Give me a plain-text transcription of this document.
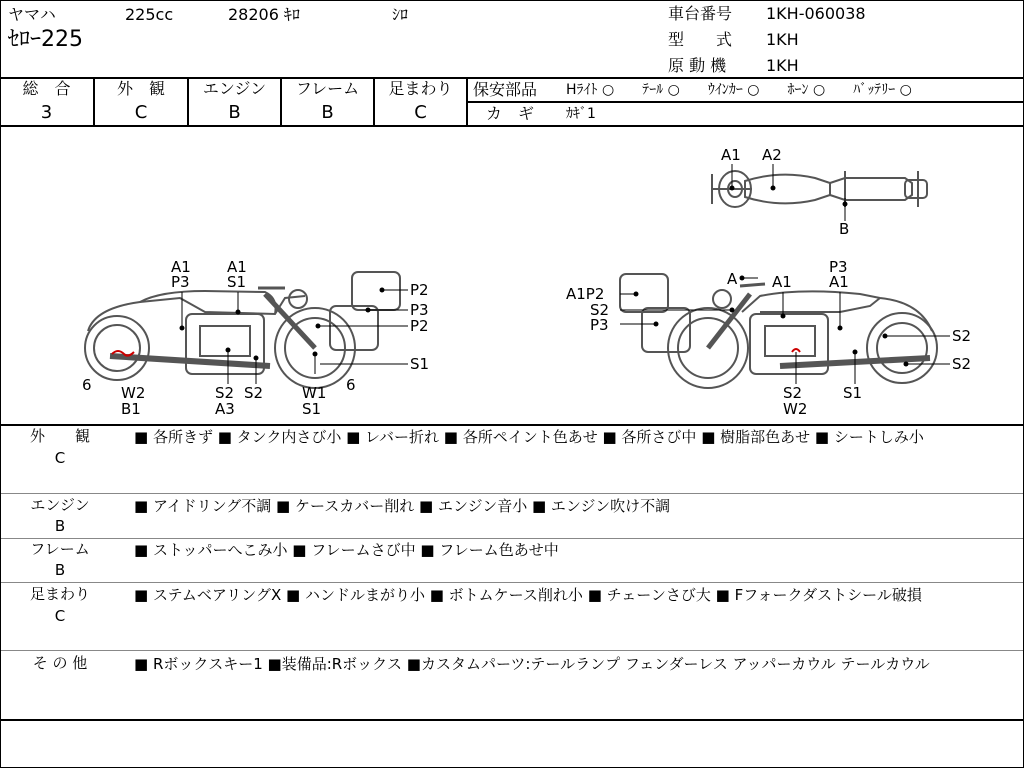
ヤマハ	225cc	28206 ｷﾛ	ｼﾛ
ｾﾛｰ225
車台番号 1KH-060038
型　　式 1KH
原 動 機 1KH
総　合
3
外　観
C
エンジン
B
フレーム
B
足まわり
C
保安部品 Hﾗｲﾄ ○　　ﾃｰﾙ ○　　ｳｲﾝｶｰ ○　　ﾎｰﾝ ○　　ﾊﾞｯﾃﾘｰ ○
カ　ギ ｶｷﾞ1
A1 A2
B
A1
P3
A1
S1	P2
P3
P2
S1
6 W2
B1
S2
A3
S2	W1
S1
6
A A1
P3
A1
A1P2
S2
P3
S2
S2
S2
W2
S1
外　　観
C
■ 各所きず ■ タンク内さび小 ■ レバー折れ ■ 各所ペイント色あせ ■ 各所さび中 ■ 樹脂部色あせ ■ シートしみ小
エンジン
B
■ アイドリング不調 ■ ケースカバー削れ ■ エンジン音小 ■ エンジン吹け不調
フレーム
B
■ ストッパーへこみ小 ■ フレームさび中 ■ フレーム色あせ中
足まわり
C
■ ステムベアリングX ■ ハンドルまがり小 ■ ボトムケース削れ小 ■ チェーンさび大 ■ Fフォークダストシール破損
そ の 他	■ Rボックスキー1 ■装備品:Rボックス ■カスタムパーツ:テールランプ フェンダーレス アッパーカウル テールカウル
